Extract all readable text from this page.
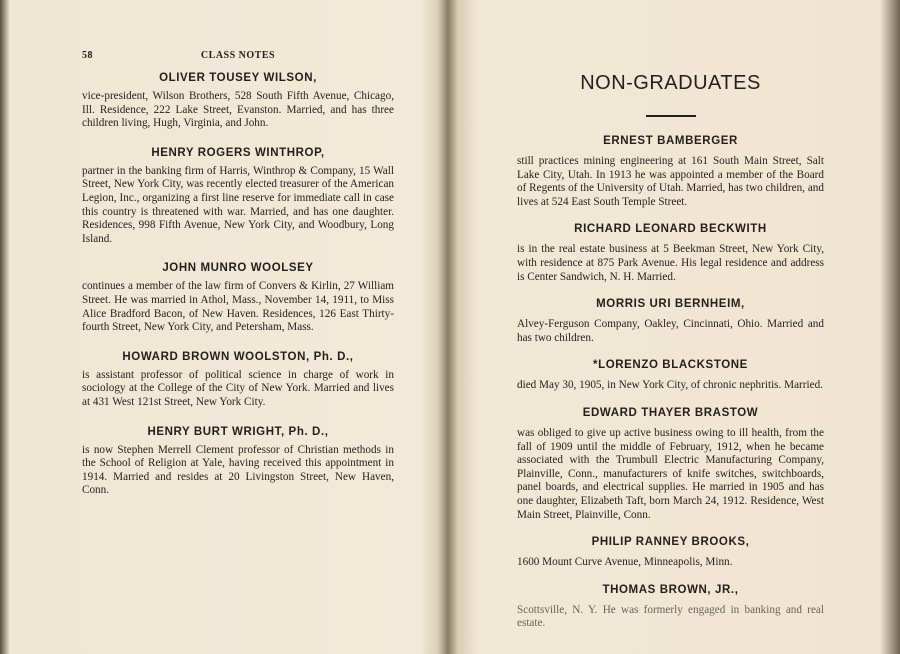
58	CLASS NOTES
OLIVER TOUSEY WILSON,
vice-president, Wilson Brothers, 528 South Fifth Avenue, Chicago, Ill. Residence, 222 Lake Street, Evanston. Married, and has three children living, Hugh, Virginia, and John.
HENRY ROGERS WINTHROP,
partner in the banking firm of Harris, Winthrop & Company, 15 Wall Street, New York City, was recently elected treasurer of the American Legion, Inc., organizing a first line reserve for immediate call in case this country is threatened with war. Married, and has one daughter. Residences, 998 Fifth Avenue, New York City, and Woodbury, Long Island.
JOHN MUNRO WOOLSEY
continues a member of the law firm of Convers & Kirlin, 27 William Street. He was married in Athol, Mass., November 14, 1911, to Miss Alice Bradford Bacon, of New Haven. Residences, 126 East Thirty-fourth Street, New York City, and Petersham, Mass.
HOWARD BROWN WOOLSTON, Ph. D.,
is assistant professor of political science in charge of work in sociology at the College of the City of New York. Married and lives at 431 West 121st Street, New York City.
HENRY BURT WRIGHT, Ph. D.,
is now Stephen Merrell Clement professor of Christian methods in the School of Religion at Yale, having received this appointment in 1914. Married and resides at 20 Livingston Street, New Haven, Conn.
NON-GRADUATES
ERNEST BAMBERGER
still practices mining engineering at 161 South Main Street, Salt Lake City, Utah. In 1913 he was appointed a member of the Board of Regents of the University of Utah. Married, has two children, and lives at 524 East South Temple Street.
RICHARD LEONARD BECKWITH
is in the real estate business at 5 Beekman Street, New York City, with residence at 875 Park Avenue. His legal residence and address is Center Sandwich, N. H. Married.
MORRIS URI BERNHEIM,
Alvey-Ferguson Company, Oakley, Cincinnati, Ohio. Married and has two children.
*LORENZO BLACKSTONE
died May 30, 1905, in New York City, of chronic nephritis. Married.
EDWARD THAYER BRASTOW
was obliged to give up active business owing to ill health, from the fall of 1909 until the middle of February, 1912, when he became associated with the Trumbull Electric Manufacturing Company, Plainville, Conn., manufacturers of knife switches, switchboards, panel boards, and electrical supplies. He married in 1905 and has one daughter, Elizabeth Taft, born March 24, 1912. Residence, West Main Street, Plainville, Conn.
PHILIP RANNEY BROOKS,
1600 Mount Curve Avenue, Minneapolis, Minn.
THOMAS BROWN, JR.,
Scottsville, N. Y. He was formerly engaged in banking and real estate.
